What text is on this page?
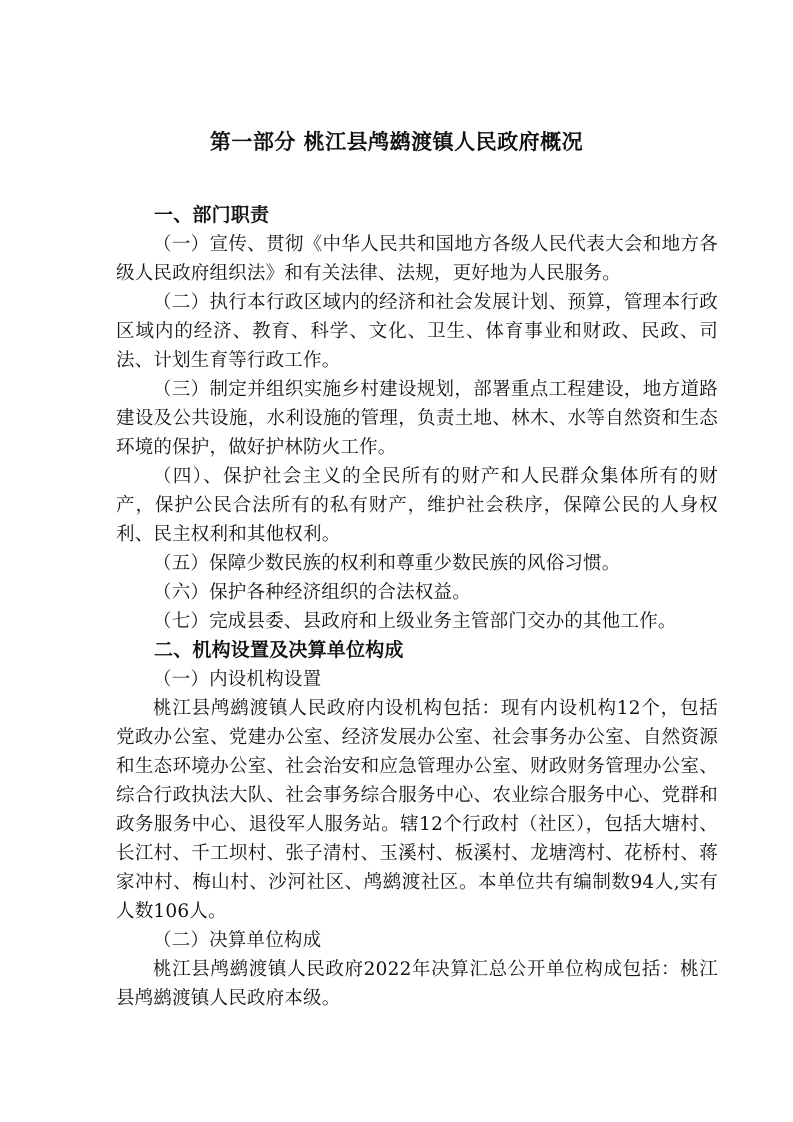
第一部分 桃江县鸬鹚渡镇人民政府概况

一、部门职责

（一）宣传、贯彻《中华人民共和国地方各级人民代表大会和地方各级人民政府组织法》和有关法律、法规，更好地为人民服务。

（二）执行本行政区域内的经济和社会发展计划、预算，管理本行政区域内的经济、教育、科学、文化、卫生、体育事业和财政、民政、司法、计划生育等行政工作。

（三）制定并组织实施乡村建设规划，部署重点工程建设，地方道路建设及公共设施，水利设施的管理，负责土地、林木、水等自然资和生态环境的保护，做好护林防火工作。

（四）、保护社会主义的全民所有的财产和人民群众集体所有的财产，保护公民合法所有的私有财产，维护社会秩序，保障公民的人身权利、民主权利和其他权利。

（五）保障少数民族的权利和尊重少数民族的风俗习惯。

（六）保护各种经济组织的合法权益。

（七）完成县委、县政府和上级业务主管部门交办的其他工作。

二、机构设置及决算单位构成

（一）内设机构设置

桃江县鸬鹚渡镇人民政府内设机构包括：现有内设机构12个，包括党政办公室、党建办公室、经济发展办公室、社会事务办公室、自然资源和生态环境办公室、社会治安和应急管理办公室、财政财务管理办公室、综合行政执法大队、社会事务综合服务中心、农业综合服务中心、党群和政务服务中心、退役军人服务站。辖12个行政村（社区），包括大塘村、长江村、千工坝村、张子清村、玉溪村、板溪村、龙塘湾村、花桥村、蒋家冲村、梅山村、沙河社区、鸬鹚渡社区。本单位共有编制数94人,实有人数106人。

（二）决算单位构成

桃江县鸬鹚渡镇人民政府2022年决算汇总公开单位构成包括：桃江县鸬鹚渡镇人民政府本级。
